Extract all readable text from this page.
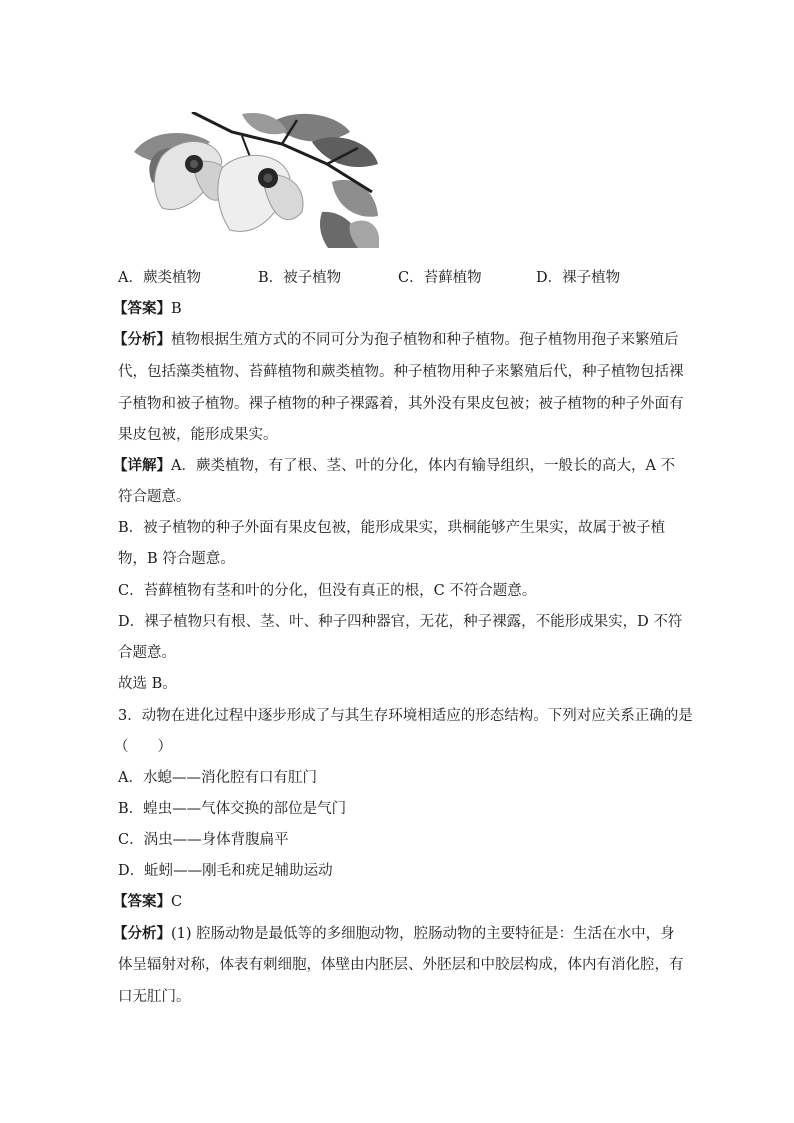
A．蕨类植物	B．被子植物	C．苔藓植物	D．裸子植物
【答案】B
【分析】植物根据生殖方式的不同可分为孢子植物和种子植物。孢子植物用孢子来繁殖后
代，包括藻类植物、苔藓植物和蕨类植物。种子植物用种子来繁殖后代，种子植物包括裸
子植物和被子植物。裸子植物的种子裸露着，其外没有果皮包被；被子植物的种子外面有
果皮包被，能形成果实。
【详解】A．蕨类植物，有了根、茎、叶的分化，体内有输导组织，一般长的高大，A 不
符合题意。
B．被子植物的种子外面有果皮包被，能形成果实，珙桐能够产生果实，故属于被子植
物，B 符合题意。
C．苔藓植物有茎和叶的分化，但没有真正的根，C 不符合题意。
D．裸子植物只有根、茎、叶、种子四种器官，无花，种子裸露，不能形成果实，D 不符
合题意。
故选 B。
3．动物在进化过程中逐步形成了与其生存环境相适应的形态结构。下列对应关系正确的是
（　　）
A．水螅——消化腔有口有肛门
B．蝗虫——气体交换的部位是气门
C．涡虫——身体背腹扁平
D．蚯蚓——刚毛和疣足辅助运动
【答案】C
【分析】(1) 腔肠动物是最低等的多细胞动物，腔肠动物的主要特征是：生活在水中，身
体呈辐射对称，体表有刺细胞，体壁由内胚层、外胚层和中胶层构成，体内有消化腔，有
口无肛门。
